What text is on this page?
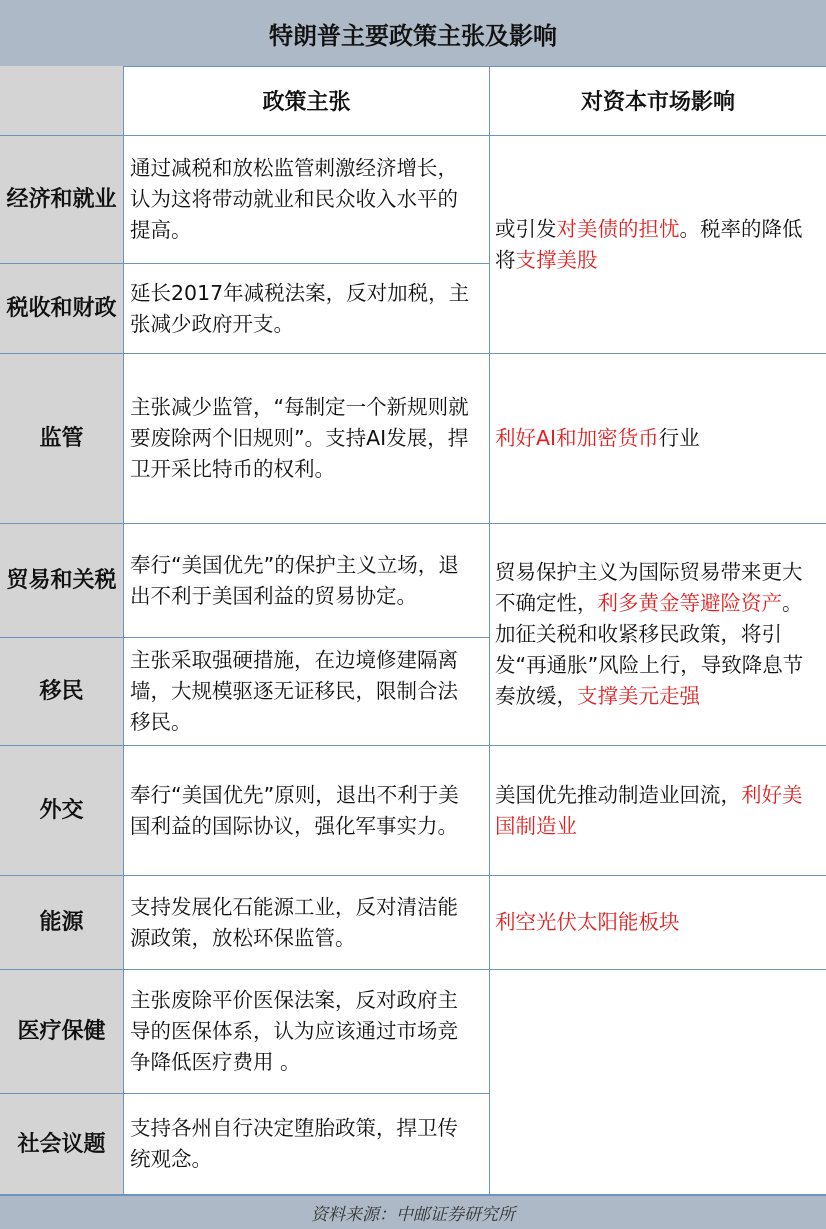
特朗普主要政策主张及影响
政策主张	对资本市场影响
经济和就业
税收和财政
监管
贸易和关税
移民
外交
能源
医疗保健
社会议题
通过减税和放松监管刺激经济增长，认为这将带动就业和民众收入水平的提高。
延长2017年减税法案，反对加税，主张减少政府开支。
主张减少监管，“每制定一个新规则就要废除两个旧规则”。支持AI发展，捍卫开采比特币的权利。
奉行“美国优先”的保护主义立场，退出不利于美国利益的贸易协定。
主张采取强硬措施，在边境修建隔离墙，大规模驱逐无证移民，限制合法移民。
奉行“美国优先”原则，退出不利于美国利益的国际协议，强化军事实力。
支持发展化石能源工业，反对清洁能源政策，放松环保监管。
主张废除平价医保法案，反对政府主导的医保体系，认为应该通过市场竞争降低医疗费用 。
支持各州自行决定堕胎政策，捍卫传统观念。
或引发对美债的担忧。税率的降低将支撑美股
利好AI和加密货币行业
贸易保护主义为国际贸易带来更大不确定性，利多黄金等避险资产。加征关税和收紧移民政策，将引发“再通胀”风险上行，导致降息节奏放缓，支撑美元走强
美国优先推动制造业回流，利好美国制造业
利空光伏太阳能板块
资料来源：中邮证券研究所
